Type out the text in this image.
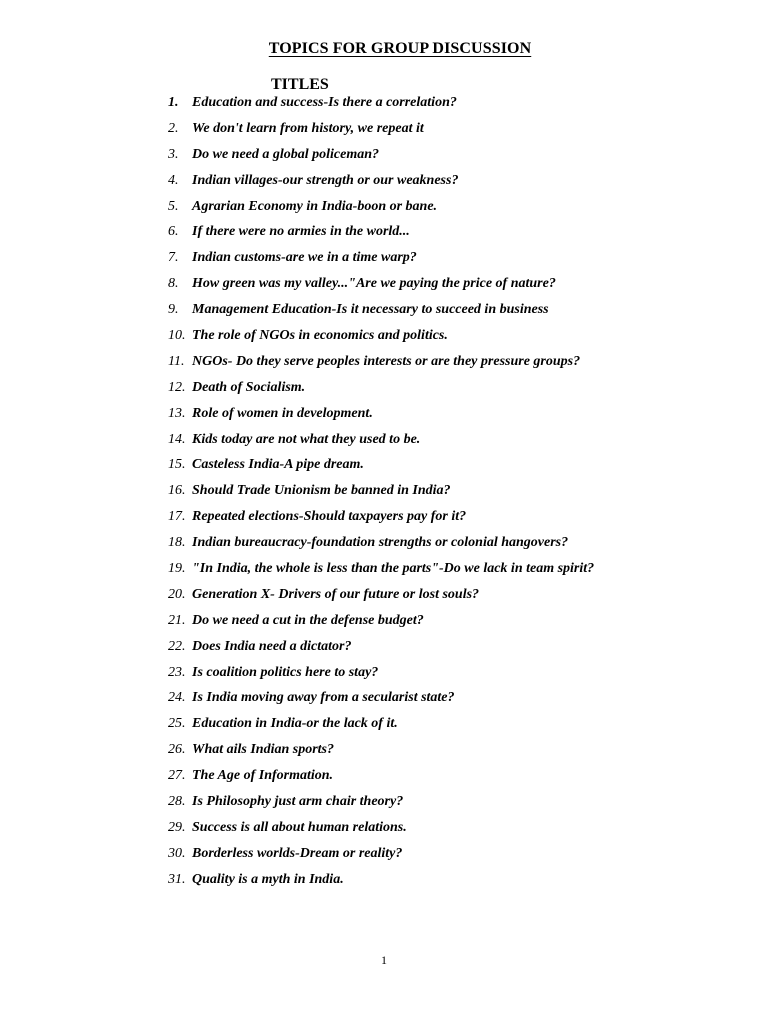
TOPICS FOR GROUP DISCUSSION
TITLES
1. Education and success-Is there a correlation?
2. We don't learn from history, we repeat it
3. Do we need a global policeman?
4. Indian villages-our strength or our weakness?
5. Agrarian Economy in India-boon or bane.
6. If there were no armies in the world...
7. Indian customs-are we in a time warp?
8. How green was my valley..."Are we paying the price of nature?
9. Management Education-Is it necessary to succeed in business
10. The role of NGOs in economics and politics.
11. NGOs- Do they serve peoples interests or are they pressure groups?
12. Death of Socialism.
13. Role of women in development.
14. Kids today are not what they used to be.
15. Casteless India-A pipe dream.
16. Should Trade Unionism be banned in India?
17. Repeated elections-Should taxpayers pay for it?
18. Indian bureaucracy-foundation strengths or colonial hangovers?
19. "In India, the whole is less than the parts"-Do we lack in team spirit?
20. Generation X- Drivers of our future or lost souls?
21. Do we need a cut in the defense budget?
22. Does India need a dictator?
23. Is coalition politics here to stay?
24. Is India moving away from a secularist state?
25. Education in India-or the lack of it.
26. What ails Indian sports?
27. The Age of Information.
28. Is Philosophy just arm chair theory?
29. Success is all about human relations.
30. Borderless worlds-Dream or reality?
31. Quality is a myth in India.
1
